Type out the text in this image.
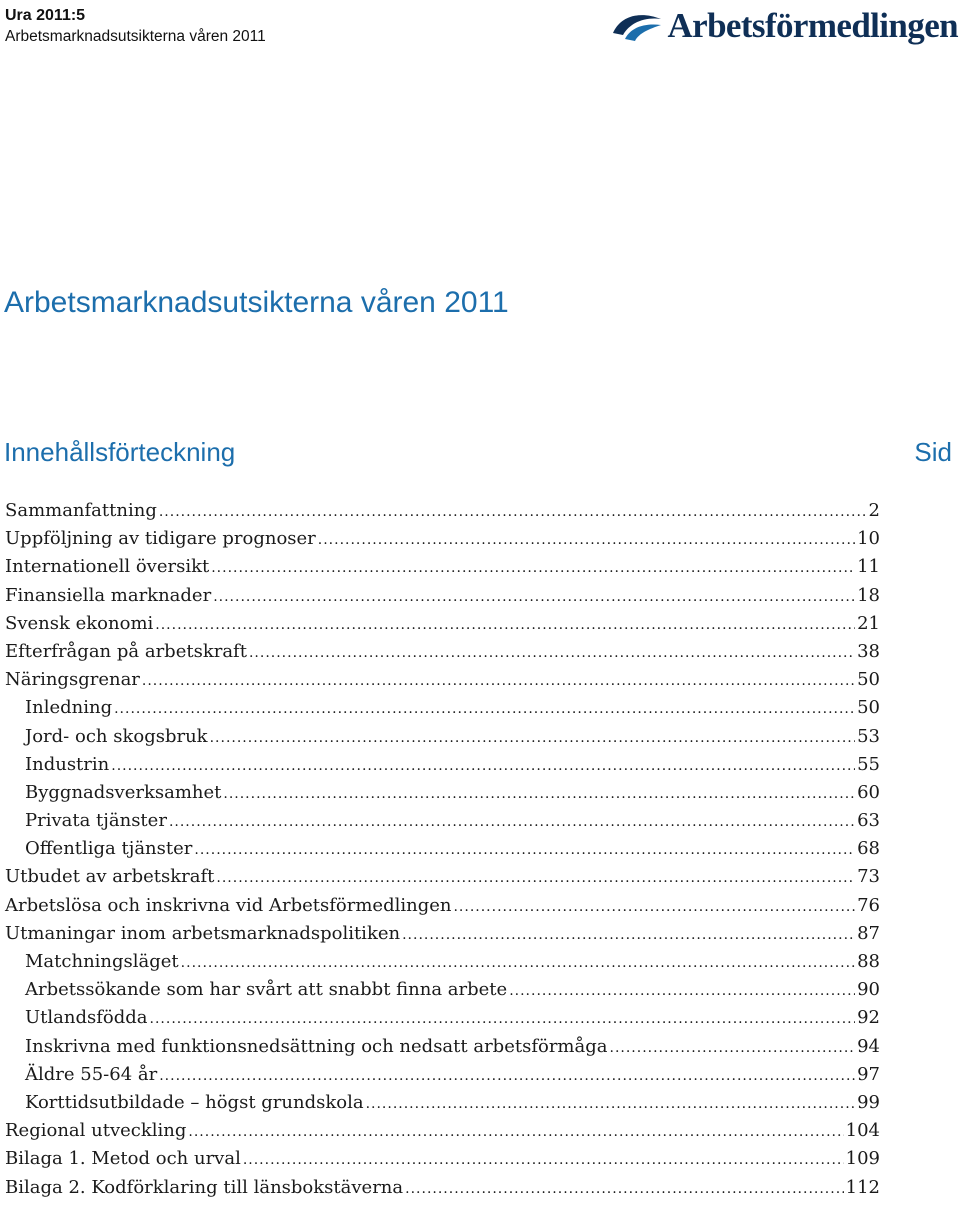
Ura 2011:5
Arbetsmarknadsutsikterna våren 2011	Arbetsförmedlingen
Arbetsmarknadsutsikterna våren 2011
Innehållsförteckning	Sid
Sammanfattning .....	2
Uppföljning av tidigare prognoser .....	10
Internationell översikt .....	11
Finansiella marknader .....	18
Svensk ekonomi .....	21
Efterfrågan på arbetskraft .....	38
Näringsgrenar .....	50
Inledning .....	50
Jord- och skogsbruk .....	53
Industrin .....	55
Byggnadsverksamhet .....	60
Privata tjänster .....	63
Offentliga tjänster .....	68
Utbudet av arbetskraft .....	73
Arbetslösa och inskrivna vid Arbetsförmedlingen .....	76
Utmaningar inom arbetsmarknadspolitiken .....	87
Matchningsläget .....	88
Arbetssökande som har svårt att snabbt finna arbete .....	90
Utlandsfödda .....	92
Inskrivna med funktionsnedsättning och nedsatt arbetsförmåga .....	94
Äldre 55-64 år .....	97
Korttidsutbildade – högst grundskola .....	99
Regional utveckling .....	104
Bilaga 1. Metod och urval .....	109
Bilaga 2. Kodförklaring till länsbokstäverna .....	112
